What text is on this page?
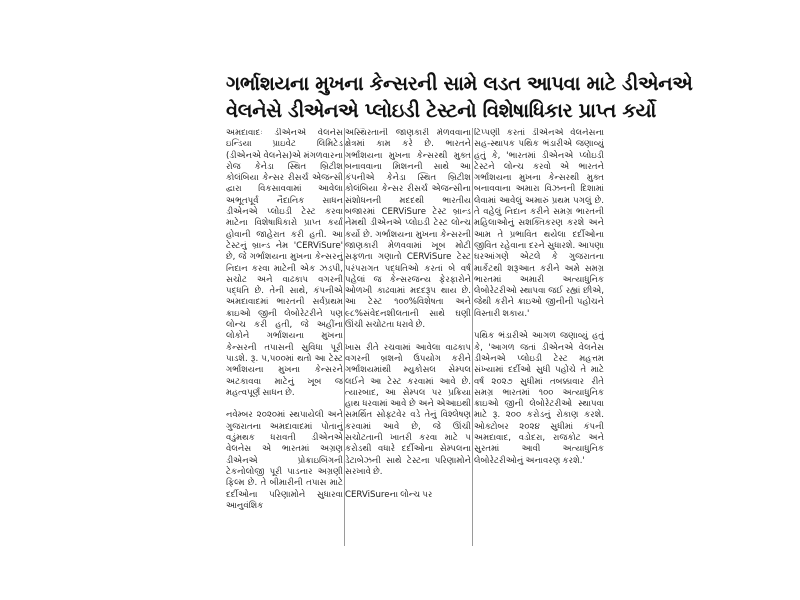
ગર્ભાશયના મુખના કેન્સરની સામે લડત આપવા માટે ડીએનએ
વેલનેસે ડીએનએ પ્લોઇડી ટેસ્ટનો વિશેષાધિકાર પ્રાપ્ત કર્યો

અમદાવાદઃ ડીએનએ વેલનેસ ઇન્ડિયા પ્રાઇવેટ લિમિટેડ (ડીએનએ વેલનેસ)એ મંગળવારના રોજ કેનેડા સ્થિત બ્રિટીશ કોલંબિયા કેન્સર રીસર્ચ એજન્સી દ્વારા વિકસાવવામાં આવેલા અભૂતપૂર્વ નૈદાનિક સાધન ડીએનએ પ્લોઇડી ટેસ્ટ કરવા માટેના વિશેષાધિકારો પ્રાપ્ત કર્યા હોવાની જાહેરાત કરી હતી. આ ટેસ્ટનું બ્રાન્ડ નેમ 'CERViSure' છે, જે ગર્ભાશયના મુખના કેન્સરનું નિદાન કરવા માટેની એક ઝડપી, સચોટ અને વાઢકાપ વગરની પદ્ધતિ છે. તેની સાથે, કંપનીએ અમદાવાદમાં ભારતની સર્વપ્રથમ ક્રાઇઓ જીની લેબોરેટરીને પણ લોન્ચ કરી હતી, જે અહીંના લોકોને ગર્ભાશયના મુખના કેન્સરની તપાસની સુવિધા પૂરી પાડશે. રૂ. ૫,૫૦૦માં થતો આ ટેસ્ટ ગર્ભાશયના મુખના કેન્સરને અટકાવવા માટેનું ખૂબ જ મહત્વપૂર્ણ સાધન છે.

નવેમ્બર ૨૦૨૦માં સ્થપાયેલી અને ગુજરાતના અમદાવાદમાં પોતાનું વડુંમથક ધરાવતી ડીએનએ વેલનેસ એ ભારતમાં અગ્રણ ડીએનએ પ્રોક્રાઇબિંગની ટેકનોલોજી પૂરી પાડનાર અગ્રણી ફિલ્મ છે. તે બીમારીની તપાસ માટે દર્દીઓના પરિણામોને સુધારવા આનુવંશિક

અસ્થિરતાની જાણકારી મેળવવાના ક્ષેત્રમાં કામ કરે છે. ભારતને ગર્ભાશયના મુખના કેન્સરથી મુક્ત બનાવવાના મિશનની સાથે આ કંપનીએ કેનેડા સ્થિત બ્રિટીશ કોલંબિયા કેન્સર રીસર્ચ એજન્સીના સંશોધનની મદદથી ભારતીય બજારમાં CERViSure ટેસ્ટ બ્રાન્ડ નેમથી ડીએનએ પ્લોઇડી ટેસ્ટ લોન્ચ કર્યો છે. ગર્ભાશયના મુખના કેન્સરની જાણકારી મેળવવામાં ખૂબ મોટી સફળતા ગણાતો CERViSure ટેસ્ટ પરંપરાગત પદ્ધતિઓ કરતાં બે વર્ષ પહેલાં જ કેન્સરજન્ય ફેરફારોને ઓળખી કાઢવામાં મદદરૂપ થાય છે. આ ટેસ્ટ ૧૦૦%વિશેષતા અને ૯૮%સંવેદનશીલતાની સાથે ઘણી ઊંચી સચોટતા ધરાવે છે.

ખાસ રીતે રચવામાં આવેલા વાઢકાપ વગરની બ્રશનો ઉપયોગ કરીને ગર્ભાશયમાંથી મ્યુકોસલ સેમ્પલ લઈને આ ટેસ્ટ કરવામાં આવે છે. ત્યારબાદ, આ સેમ્પલ પર પ્રક્રિયા હાથ ધરવામાં આવે છે અને એઆઇથી સમર્થિત સોફ્ટવેર વડે તેનું વિશ્લેષણ કરવામાં આવે છે, જે ઊંચી સચોટતાની ખાતરી કરવા માટે ૫ કરોડથી વધારે દર્દીઓના સેમ્પલના ડેટાબેઝની સાથે ટેસ્ટના પરિણામોને સરખાવે છે.

CERViSureના લોન્ચ પર

ટિપ્પણી કરતાં ડીએનએ વેલનેસના સહ-સ્થાપક પથિક ભંડારીએ જણાવ્યું હતું કે, 'ભારતમાં ડીએનએ પ્લોઇડી ટેસ્ટને લોન્ચ કરવો એ ભારતને ગર્ભાશયના મુખના કેન્સરથી મુક્ત બનાવવાના અમારા વિઝનની દિશામાં લેવામાં આવેલું અમારું પ્રથમ પગલું છે. તે વહેલું નિદાન કરીને સમગ્ર ભારતની મહિલાઓનું સશક્તિકરણ કરશે અને આમ તે પ્રભાવિત થયેલા દર્દીઓના જીવિત રહેવાના દરને સુધારશે. આપણા ઘરઆંગણે એટલે કે ગુજરાતના માર્કેટથી શરૂઆત કરીને અમે સમગ્ર ભારતમાં અમારી અત્યાધુનિક લેબોરેટરીઓ સ્થાપવા જઈ રહ્યાં છીએ, જેથી કરીને ક્રાઇઓ જીનીની પહોંચને વિસ્તારી શકાય.'

પથિક ભંડારીએ આગળ જણાવ્યું હતું કે, 'આગળ જતાં ડીએનએ વેલનેસ ડીએનએ પ્લોઇડી ટેસ્ટ મહત્તમ સંખ્યામાં દર્દીઓ સુધી પહોંચે તે માટે વર્ષ ૨૦૨૭ સુધીમાં તબક્કાવાર રીતે સમગ્ર ભારતમાં ૧૦૦ અત્યાધુનિક ક્રાઇઓ જીની લેબોરેટરીઓ સ્થાપવા માટે રૂ. ૨૦૦ કરોડનું રોકાણ કરશે. ઓક્ટોબર ૨૦૨૪ સુધીમાં કંપની અમદાવાદ, વડોદરા, રાજકોટ અને સુરતમાં આવી અત્યાધુનિક લેબોરેટરીઓનું અનાવરણ કરશે.'
